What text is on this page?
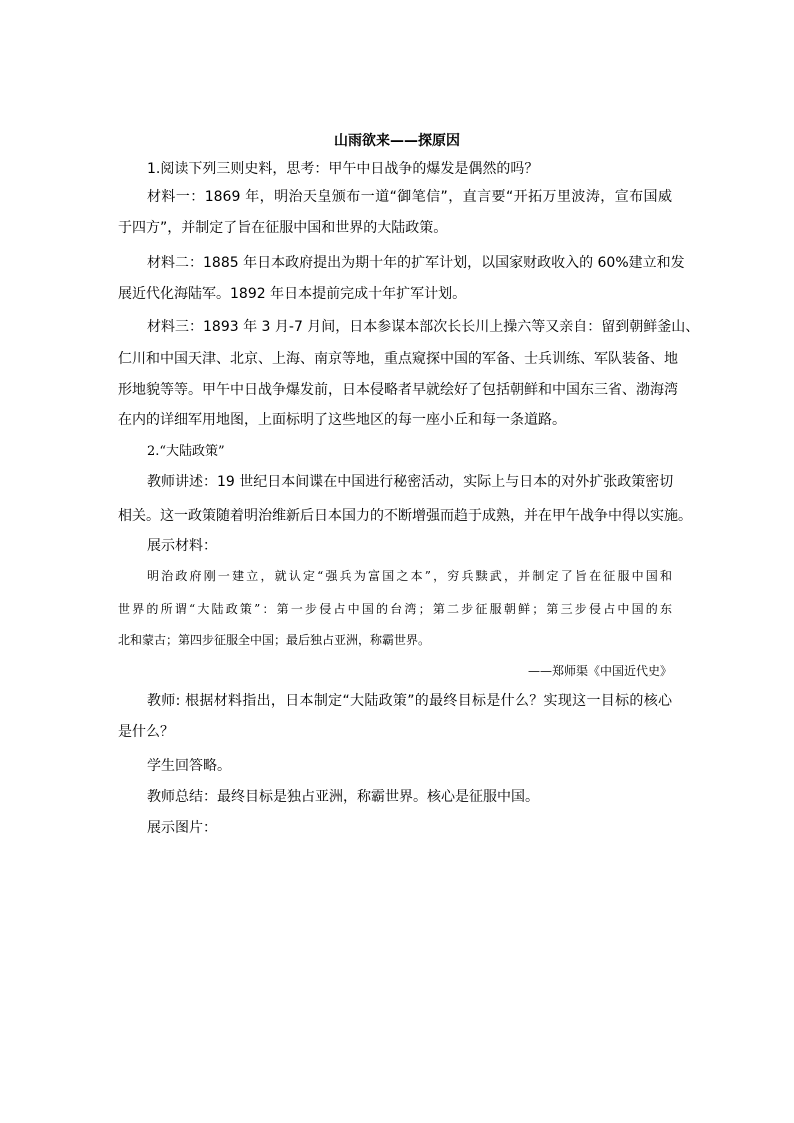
山雨欲来——探原因
1.阅读下列三则史料，思考：甲午中日战争的爆发是偶然的吗？
材料一：1869 年，明治天皇颁布一道“御笔信”，直言要“开拓万里波涛，宣布国威
于四方”，并制定了旨在征服中国和世界的大陆政策。
材料二：1885 年日本政府提出为期十年的扩军计划，以国家财政收入的 60%建立和发
展近代化海陆军。1892 年日本提前完成十年扩军计划。
材料三：1893 年 3 月-7 月间，日本参谋本部次长长川上操六等又亲自：留到朝鲜釜山、
仁川和中国天津、北京、上海、南京等地，重点窥探中国的军备、士兵训练、军队装备、地
形地貌等等。甲午中日战争爆发前，日本侵略者早就绘好了包括朝鲜和中国东三省、渤海湾
在内的详细军用地图，上面标明了这些地区的每一座小丘和每一条道路。
2.“大陆政策”
教师讲述：19 世纪日本间谍在中国进行秘密活动，实际上与日本的对外扩张政策密切
相关。这一政策随着明治维新后日本国力的不断增强而趋于成熟，并在甲午战争中得以实施。
展示材料：
明治政府刚一建立，就认定“强兵为富国之本”，穷兵黩武，并制定了旨在征服中国和
世界的所谓“大陆政策”：第一步侵占中国的台湾；第二步征服朝鲜；第三步侵占中国的东
北和蒙古；第四步征服全中国；最后独占亚洲，称霸世界。
——郑师渠《中国近代史》
教师: 根据材料指出，日本制定“大陆政策”的最终目标是什么？实现这一目标的核心
是什么？
学生回答略。
教师总结：最终目标是独占亚洲，称霸世界。核心是征服中国。
展示图片：
